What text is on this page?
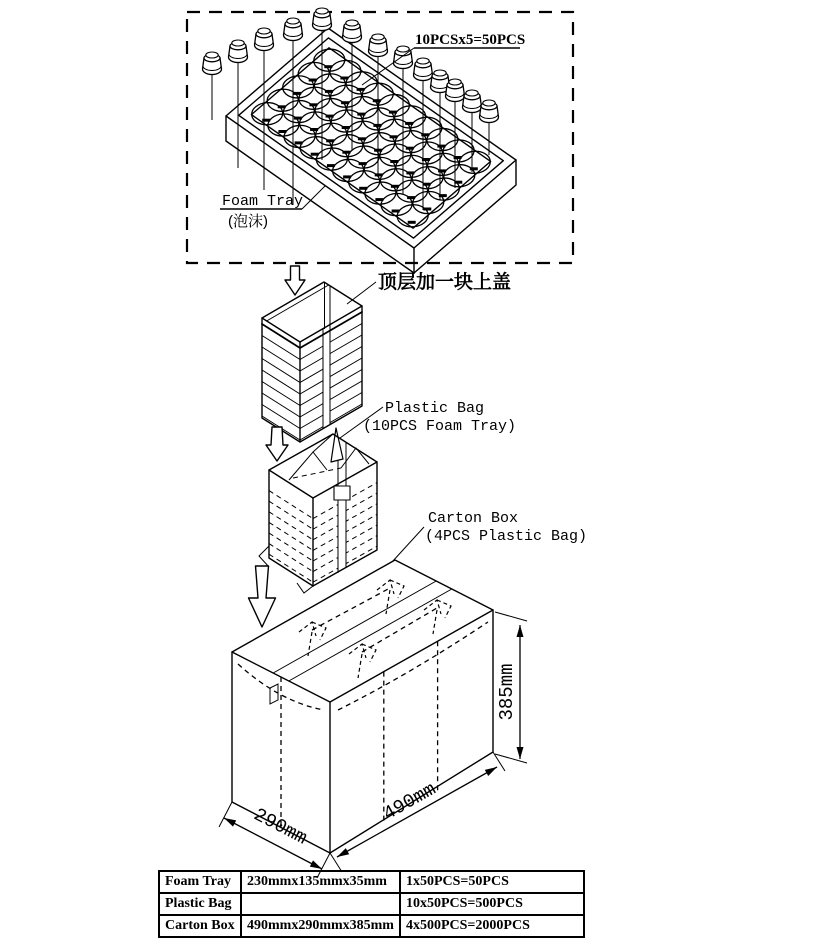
10PCSx5=50PCS
Foam Tray
(泡沫)
顶层加一块上盖
Plastic Bag
(10PCS Foam Tray)
Carton Box
(4PCS Plastic Bag)
385mm
290mm
490mm
Foam Tray	230mmx135mmx35mm	1x50PCS=50PCS
Plastic Bag		10x50PCS=500PCS
Carton Box	490mmx290mmx385mm	4x500PCS=2000PCS
